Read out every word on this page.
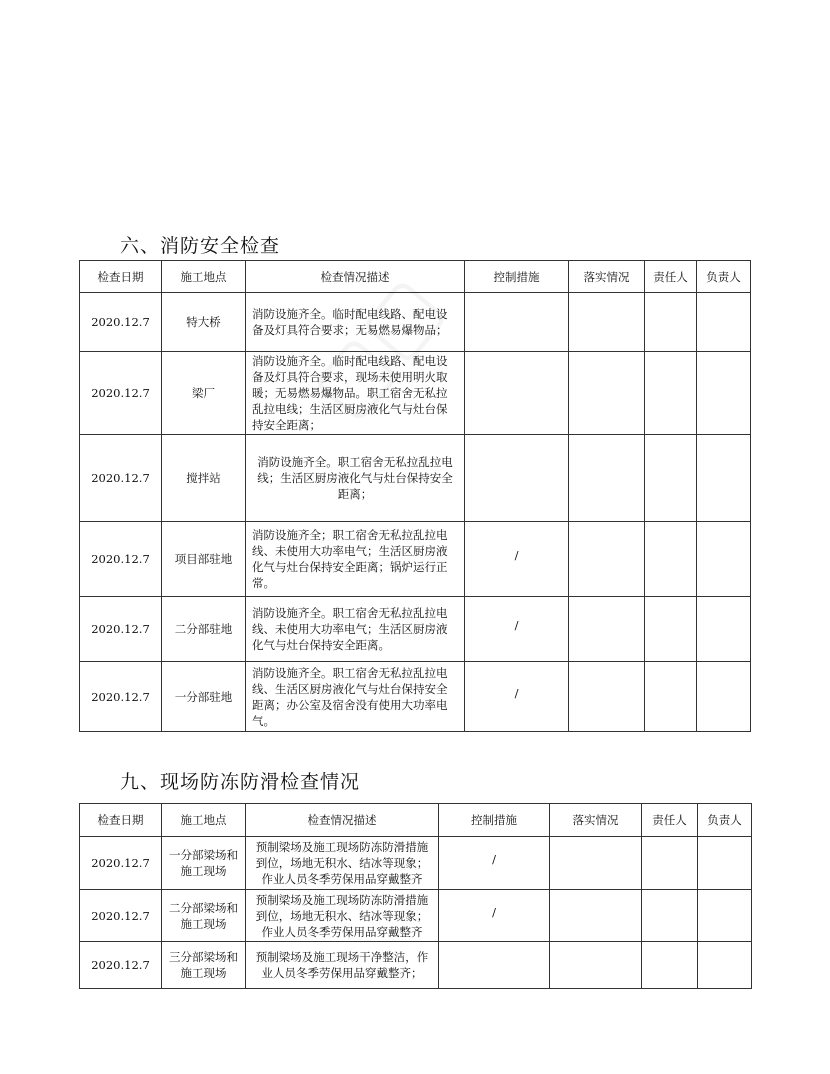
六、消防安全检查
检查日期	施工地点	检查情况描述	控制措施	落实情况	责任人	负责人
2020.12.7	特大桥	消防设施齐全。临时配电线路、配电设备及灯具符合要求；无易燃易爆物品；				
2020.12.7	梁厂	消防设施齐全。临时配电线路、配电设备及灯具符合要求，现场未使用明火取暖；无易燃易爆物品。职工宿舍无私拉乱拉电线；生活区厨房液化气与灶台保持安全距离；				
2020.12.7	搅拌站	消防设施齐全。职工宿舍无私拉乱拉电线；生活区厨房液化气与灶台保持安全距离；				
2020.12.7	项目部驻地	消防设施齐全；职工宿舍无私拉乱拉电线、未使用大功率电气；生活区厨房液化气与灶台保持安全距离；锅炉运行正常。	/			
2020.12.7	二分部驻地	消防设施齐全。职工宿舍无私拉乱拉电线、未使用大功率电气；生活区厨房液化气与灶台保持安全距离。	/			
2020.12.7	一分部驻地	消防设施齐全。职工宿舍无私拉乱拉电线、生活区厨房液化气与灶台保持安全距离；办公室及宿舍没有使用大功率电气。	/			
九、现场防冻防滑检查情况
检查日期	施工地点	检查情况描述	控制措施	落实情况	责任人	负责人
2020.12.7	一分部梁场和施工现场	预制梁场及施工现场防冻防滑措施到位，场地无积水、结冰等现象；作业人员冬季劳保用品穿戴整齐	/			
2020.12.7	二分部梁场和施工现场	预制梁场及施工现场防冻防滑措施到位，场地无积水、结冰等现象；作业人员冬季劳保用品穿戴整齐	/			
2020.12.7	三分部梁场和施工现场	预制梁场及施工现场干净整洁，作业人员冬季劳保用品穿戴整齐；				
